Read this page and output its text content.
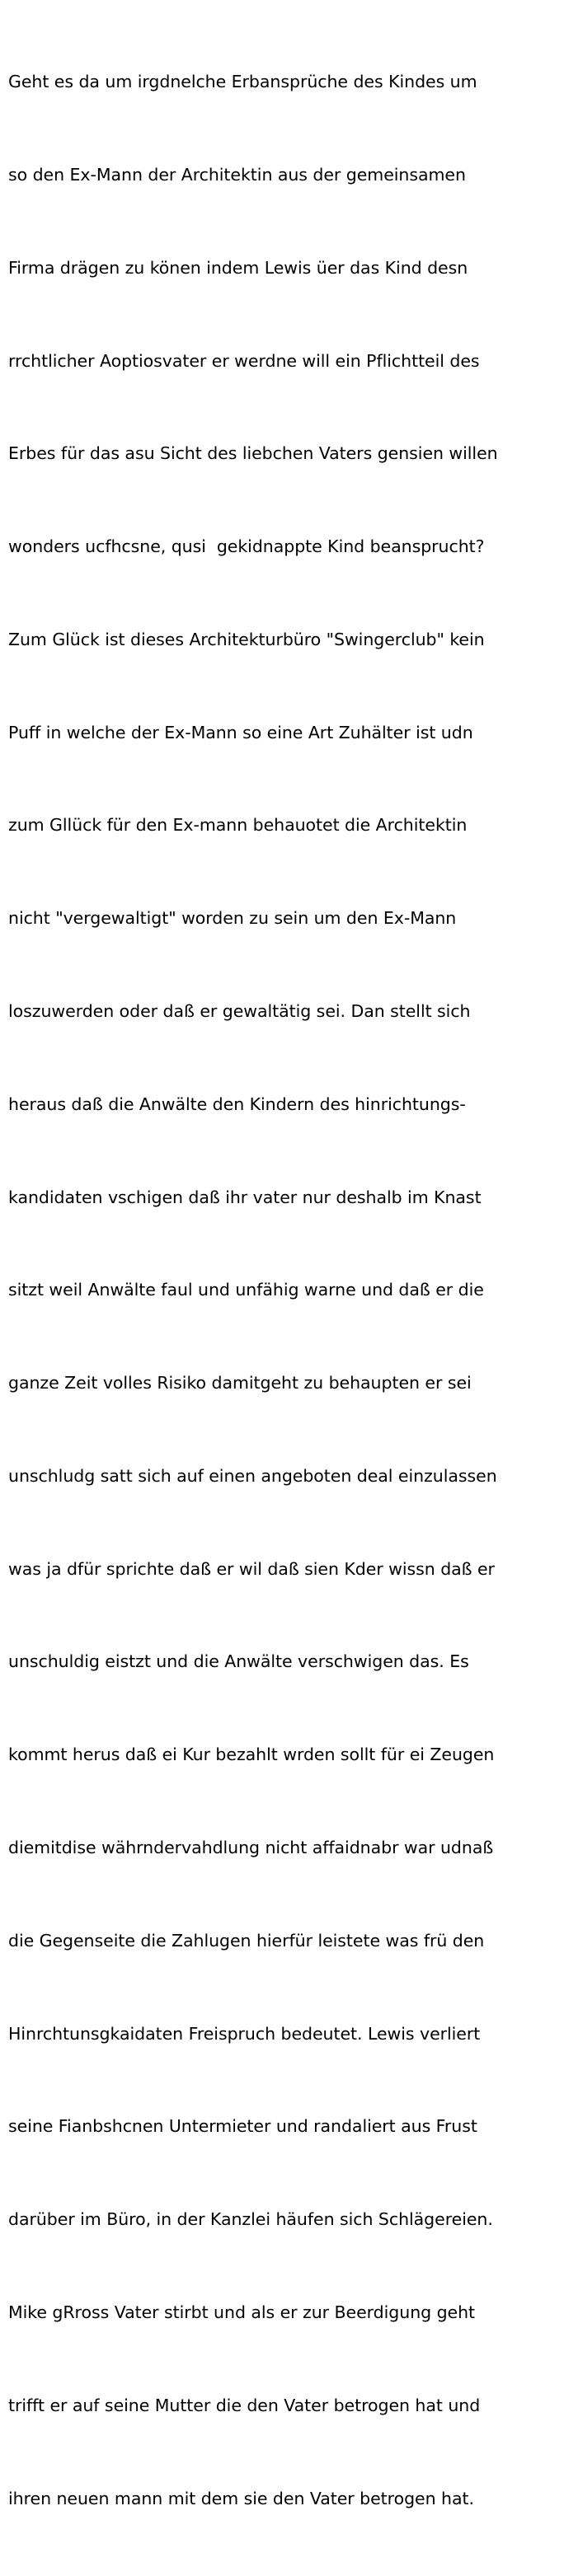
Geht es da um irgdnelche Erbansprüche des Kindes um

so den Ex-Mann der Architektin aus der gemeinsamen

Firma drägen zu könen indem Lewis üer das Kind desn

rrchtlicher Aoptiosvater er werdne will ein Pflichtteil des

Erbes für das asu Sicht des liebchen Vaters gensien willen

wonders ucfhcsne, qusi  gekidnappte Kind beansprucht?

Zum Glück ist dieses Architekturbüro "Swingerclub" kein

Puff in welche der Ex-Mann so eine Art Zuhälter ist udn

zum Gllück für den Ex-mann behauotet die Architektin

nicht "vergewaltigt" worden zu sein um den Ex-Mann

loszuwerden oder daß er gewaltätig sei. Dan stellt sich

heraus daß die Anwälte den Kindern des hinrichtungs-

kandidaten vschigen daß ihr vater nur deshalb im Knast

sitzt weil Anwälte faul und unfähig warne und daß er die

ganze Zeit volles Risiko damitgeht zu behaupten er sei

unschludg satt sich auf einen angeboten deal einzulassen

was ja dfür sprichte daß er wil daß sien Kder wissn daß er

unschuldig eistzt und die Anwälte verschwigen das. Es

kommt herus daß ei Kur bezahlt wrden sollt für ei Zeugen

diemitdise währndervahdlung nicht affaidnabr war udnaß

die Gegenseite die Zahlugen hierfür leistete was frü den

Hinrchtunsgkaidaten Freispruch bedeutet. Lewis verliert

seine Fianbshcnen Untermieter und randaliert aus Frust

darüber im Büro, in der Kanzlei häufen sich Schlägereien.

Mike gRross Vater stirbt und als er zur Beerdigung geht

trifft er auf seine Mutter die den Vater betrogen hat und

ihren neuen mann mit dem sie den Vater betrogen hat.
